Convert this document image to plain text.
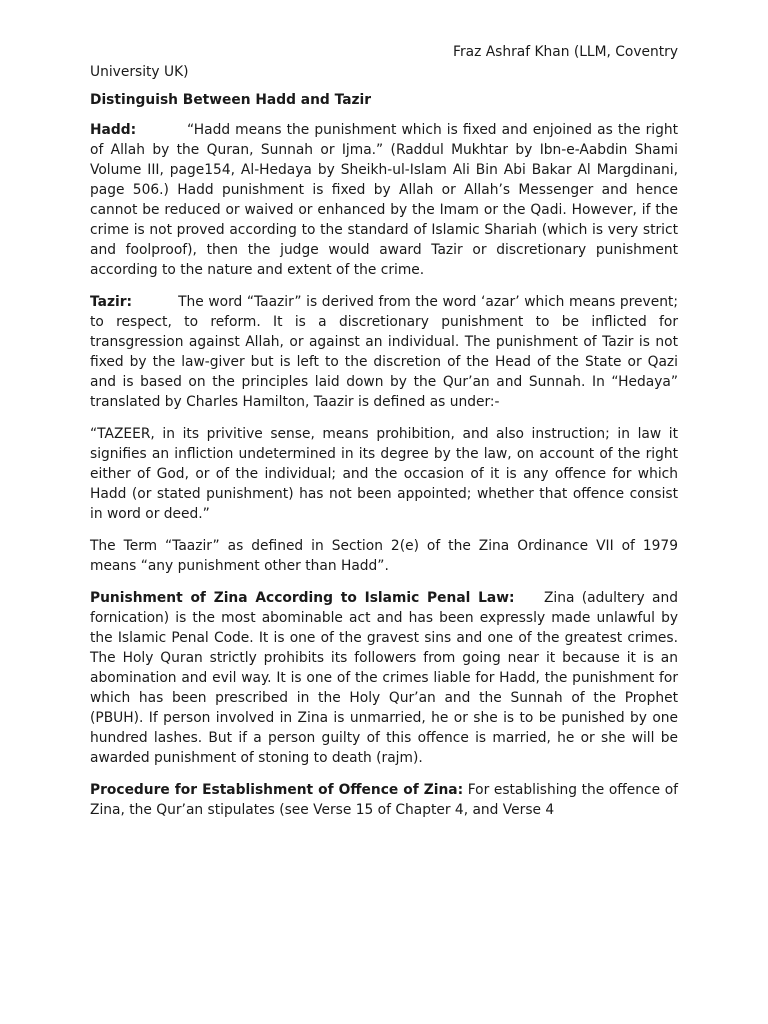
Fraz Ashraf Khan (LLM, Coventry

University UK)

Distinguish Between Hadd and Tazir

Hadd:	“Hadd means the punishment which is fixed and enjoined as the right of Allah by the Quran, Sunnah or Ijma.” (Raddul Mukhtar by Ibn-e-Aabdin Shami Volume III, page154, Al-Hedaya by Sheikh-ul-Islam Ali Bin Abi Bakar Al Margdinani, page 506.) Hadd punishment is fixed by Allah or Allah’s Messenger and hence cannot be reduced or waived or enhanced by the Imam or the Qadi. However, if the crime is not proved according to the standard of Islamic Shariah (which is very strict and foolproof), then the judge would award Tazir or discretionary punishment according to the nature and extent of the crime.

Tazir:	The word “Taazir” is derived from the word ‘azar’ which means prevent; to respect, to reform. It is a discretionary punishment to be inflicted for transgression against Allah, or against an individual. The punishment of Tazir is not fixed by the law-giver but is left to the discretion of the Head of the State or Qazi and is based on the principles laid down by the Qur’an and Sunnah. In “Hedaya” translated by Charles Hamilton, Taazir is defined as under:-

“TAZEER, in its privitive sense, means prohibition, and also instruction; in law it signifies an infliction undetermined in its degree by the law, on account of the right either of God, or of the individual; and the occasion of it is any offence for which Hadd (or stated punishment) has not been appointed; whether that offence consist in word or deed.”

The Term “Taazir” as defined in Section 2(e) of the Zina Ordinance VII of 1979 means “any punishment other than Hadd”.

Punishment of Zina According to Islamic Penal Law: Zina (adultery and fornication) is the most abominable act and has been expressly made unlawful by the Islamic Penal Code. It is one of the gravest sins and one of the greatest crimes. The Holy Quran strictly prohibits its followers from going near it because it is an abomination and evil way. It is one of the crimes liable for Hadd, the punishment for which has been prescribed in the Holy Qur’an and the Sunnah of the Prophet (PBUH). If person involved in Zina is unmarried, he or she is to be punished by one hundred lashes. But if a person guilty of this offence is married, he or she will be awarded punishment of stoning to death (rajm).

Procedure for Establishment of Offence of Zina: For establishing the offence of Zina, the Qur’an stipulates (see Verse 15 of Chapter 4, and Verse 4
